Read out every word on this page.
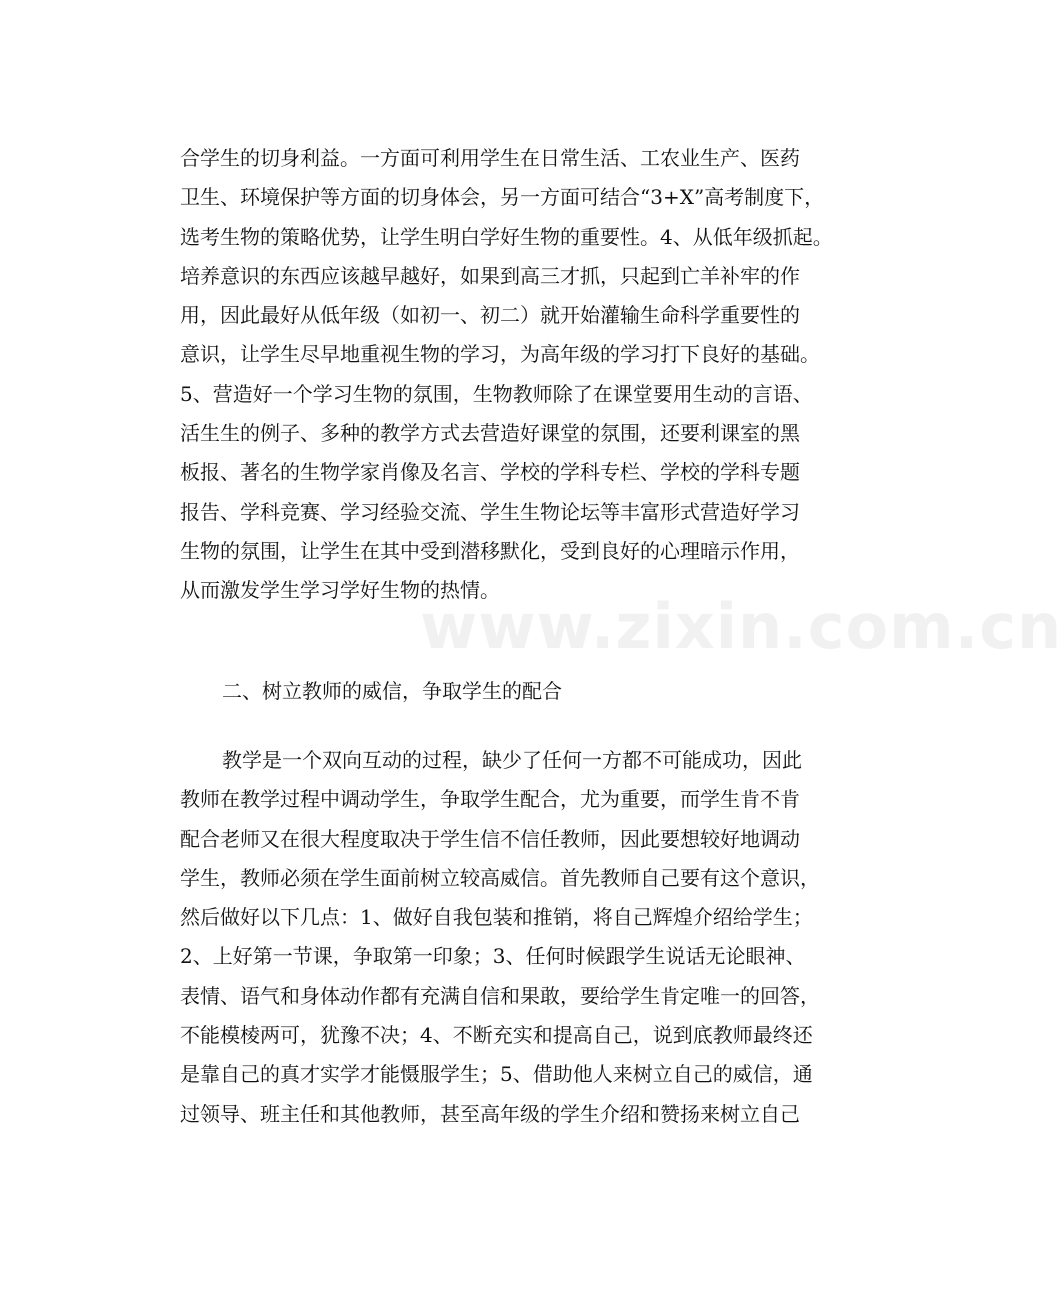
www.zixin.com.cn
合学生的切身利益。一方面可利用学生在日常生活、工农业生产、医药
卫生、环境保护等方面的切身体会，另一方面可结合“3+X”高考制度下，
选考生物的策略优势，让学生明白学好生物的重要性。4、从低年级抓起。
培养意识的东西应该越早越好，如果到高三才抓，只起到亡羊补牢的作
用，因此最好从低年级（如初一、初二）就开始灌输生命科学重要性的
意识，让学生尽早地重视生物的学习，为高年级的学习打下良好的基础。
5、营造好一个学习生物的氛围，生物教师除了在课堂要用生动的言语、
活生生的例子、多种的教学方式去营造好课堂的氛围，还要利课室的黑
板报、著名的生物学家肖像及名言、学校的学科专栏、学校的学科专题
报告、学科竞赛、学习经验交流、学生生物论坛等丰富形式营造好学习
生物的氛围，让学生在其中受到潜移默化，受到良好的心理暗示作用，
从而激发学生学习学好生物的热情。
二、树立教师的威信，争取学生的配合
教学是一个双向互动的过程，缺少了任何一方都不可能成功，因此
教师在教学过程中调动学生，争取学生配合，尤为重要，而学生肯不肯
配合老师又在很大程度取决于学生信不信任教师，因此要想较好地调动
学生，教师必须在学生面前树立较高威信。首先教师自己要有这个意识，
然后做好以下几点：1、做好自我包装和推销，将自己辉煌介绍给学生；
2、上好第一节课，争取第一印象；3、任何时候跟学生说话无论眼神、
表情、语气和身体动作都有充满自信和果敢，要给学生肯定唯一的回答，
不能模棱两可，犹豫不决；4、不断充实和提高自己，说到底教师最终还
是靠自己的真才实学才能慑服学生；5、借助他人来树立自己的威信，通
过领导、班主任和其他教师，甚至高年级的学生介绍和赞扬来树立自己
